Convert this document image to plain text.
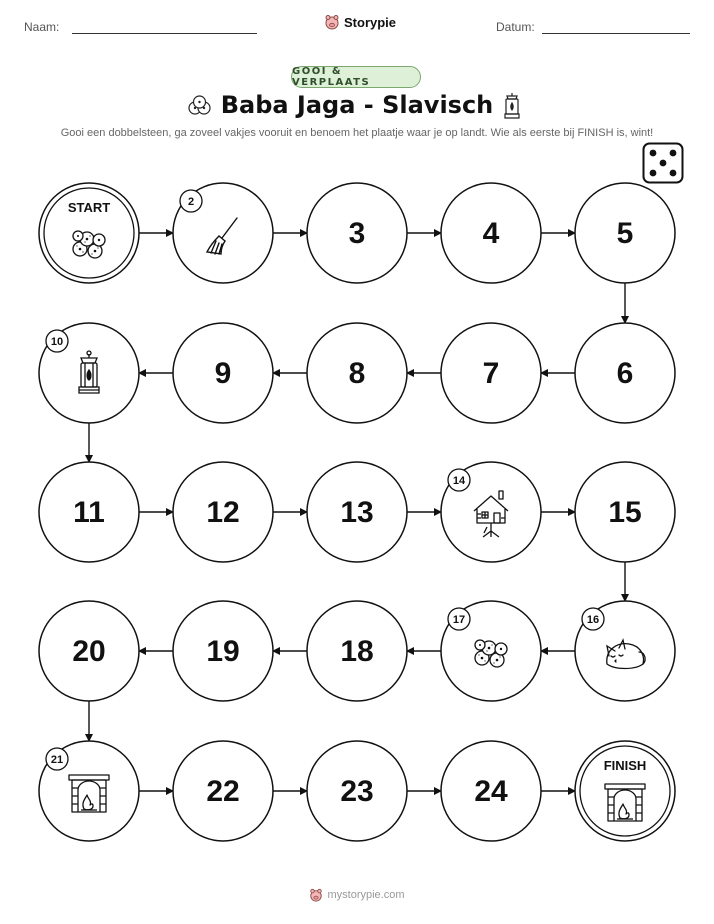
Naam:	Storypie	Datum:
GOOI & VERPLAATS
Baba Jaga - Slavisch
Gooi een dobbelsteen, ga zoveel vakjes vooruit en benoem het plaatje waar je op landt. Wie als eerste bij FINISH is, wint!
START	2
3	4	5
6
7
8
9
10
11	12	13
14
15
16
17
18
19
20
21
22	23	24
FINISH
mystorypie.com
